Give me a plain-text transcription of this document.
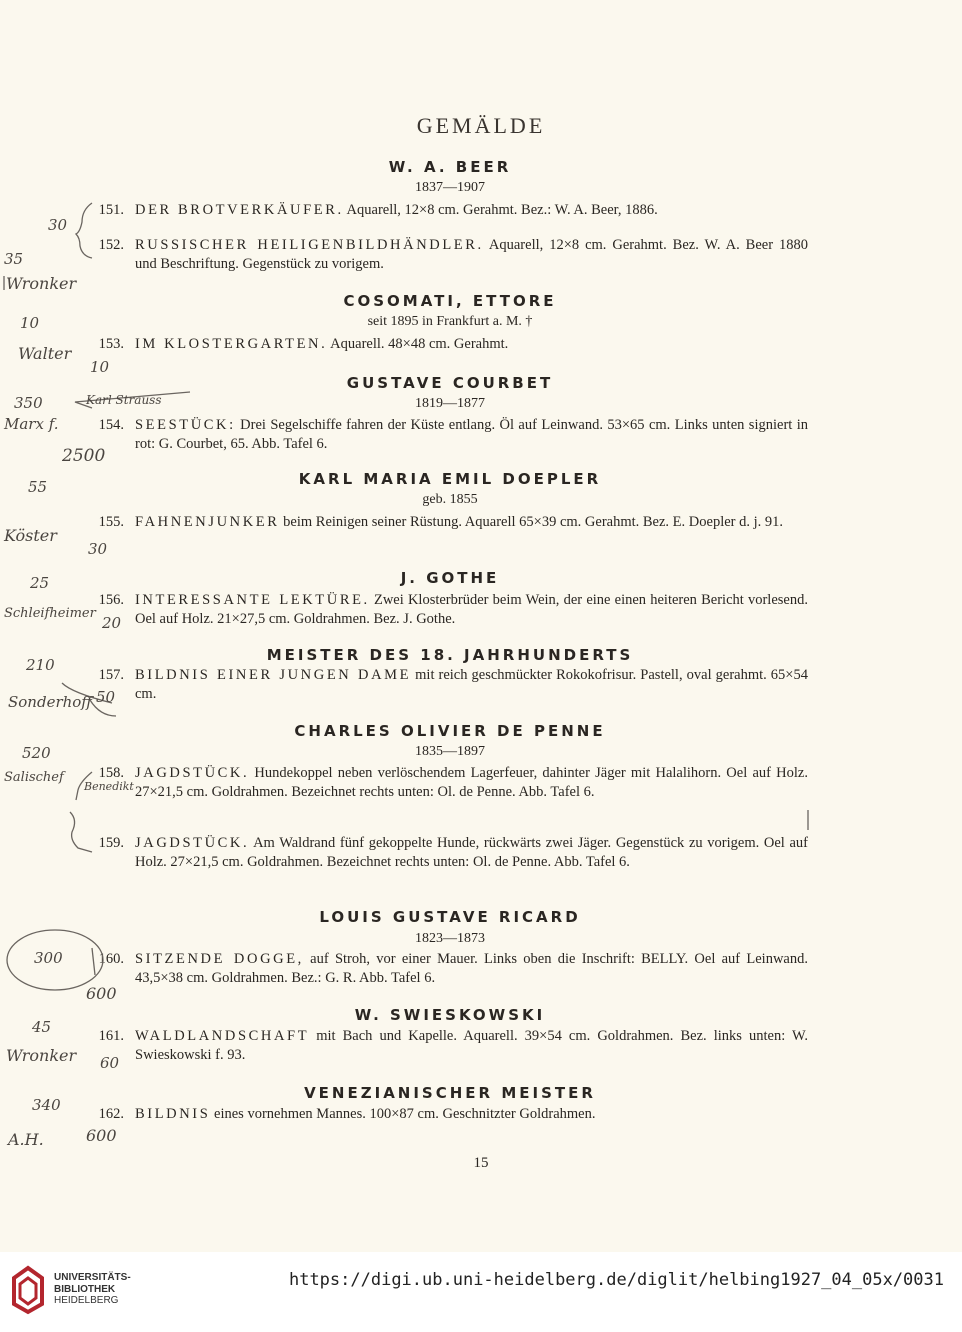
GEMÄLDE
W. A. BEER
1837—1907
151. DER BROTVERKÄUFER. Aquarell, 12×8 cm. Gerahmt. Bez.: W. A. Beer, 1886.
152. RUSSISCHER HEILIGENBILDHÄNDLER. Aquarell, 12×8 cm. Gerahmt. Bez. W. A. Beer 1880 und Beschriftung. Gegenstück zu vorigem.
COSOMATI, ETTORE
seit 1895 in Frankfurt a. M. †
153. IM KLOSTERGARTEN. Aquarell. 48×48 cm. Gerahmt.
GUSTAVE COURBET
1819—1877
154. SEESTÜCK: Drei Segelschiffe fahren der Küste entlang. Öl auf Leinwand. 53×65 cm. Links unten signiert in rot: G. Courbet, 65. Abb. Tafel 6.
KARL MARIA EMIL DOEPLER
geb. 1855
155. FAHNENJUNKER beim Reinigen seiner Rüstung. Aquarell 65×39 cm. Gerahmt. Bez. E. Doepler d. j. 91.
J. GOTHE
156. INTERESSANTE LEKTÜRE. Zwei Klosterbrüder beim Wein, der eine einen heiteren Bericht vorlesend. Oel auf Holz. 21×27,5 cm. Goldrahmen. Bez. J. Gothe.
MEISTER DES 18. JAHRHUNDERTS
157. BILDNIS EINER JUNGEN DAME mit reich geschmückter Rokokofrisur. Pastell, oval gerahmt. 65×54 cm.
CHARLES OLIVIER DE PENNE
1835—1897
158. JAGDSTÜCK. Hundekoppel neben verlöschendem Lagerfeuer, dahinter Jäger mit Halalihorn. Oel auf Holz. 27×21,5 cm. Goldrahmen. Bezeichnet rechts unten: Ol. de Penne. Abb. Tafel 6.
159. JAGDSTÜCK. Am Waldrand fünf gekoppelte Hunde, rückwärts zwei Jäger. Gegenstück zu vorigem. Oel auf Holz. 27×21,5 cm. Goldrahmen. Bezeichnet rechts unten: Ol. de Penne. Abb. Tafel 6.
LOUIS GUSTAVE RICARD
1823—1873
160. SITZENDE DOGGE, auf Stroh, vor einer Mauer. Links oben die Inschrift: BELLY. Oel auf Leinwand. 43,5×38 cm. Goldrahmen. Bez.: G. R. Abb. Tafel 6.
W. SWIESKOWSKI
161. WALDLANDSCHAFT mit Bach und Kapelle. Aquarell. 39×54 cm. Goldrahmen. Bez. links unten: W. Swieskowski f. 93.
VENEZIANISCHER MEISTER
162. BILDNIS eines vornehmen Mannes. 100×87 cm. Geschnitzter Goldrahmen.
15
30
35
Wronker
10
Walter
10
350
Marx f.
Karl Strauss
2500
55
Köster
30
25
Schleifheimer
20
210
Sonderhoff 50
520
Salischef
Benedikt
300
600
45
Wronker 60
340
A.H.	600
UNIVERSITÄTS-
BIBLIOTHEK
HEIDELBERG
https://digi.ub.uni-heidelberg.de/diglit/helbing1927_04_05x/0031
